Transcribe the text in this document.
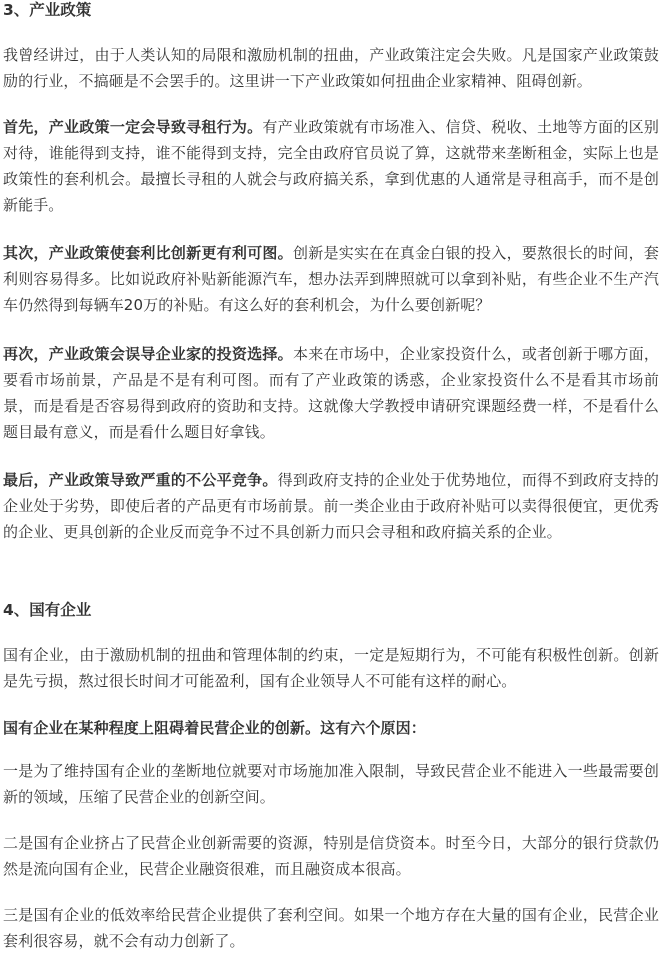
3、产业政策

我曾经讲过，由于人类认知的局限和激励机制的扭曲，产业政策注定会失败。凡是国家产业政策鼓励的行业，不搞砸是不会罢手的。这里讲一下产业政策如何扭曲企业家精神、阻碍创新。

首先，产业政策一定会导致寻租行为。有产业政策就有市场准入、信贷、税收、土地等方面的区别对待，谁能得到支持，谁不能得到支持，完全由政府官员说了算，这就带来垄断租金，实际上也是政策性的套利机会。最擅长寻租的人就会与政府搞关系，拿到优惠的人通常是寻租高手，而不是创新能手。

其次，产业政策使套利比创新更有利可图。创新是实实在在真金白银的投入，要熬很长的时间，套利则容易得多。比如说政府补贴新能源汽车，想办法弄到牌照就可以拿到补贴，有些企业不生产汽车仍然得到每辆车20万的补贴。有这么好的套利机会，为什么要创新呢？

再次，产业政策会误导企业家的投资选择。本来在市场中，企业家投资什么，或者创新于哪方面，要看市场前景，产品是不是有利可图。而有了产业政策的诱惑，企业家投资什么不是看其市场前景，而是看是否容易得到政府的资助和支持。这就像大学教授申请研究课题经费一样，不是看什么题目最有意义，而是看什么题目好拿钱。

最后，产业政策导致严重的不公平竞争。得到政府支持的企业处于优势地位，而得不到政府支持的企业处于劣势，即使后者的产品更有市场前景。前一类企业由于政府补贴可以卖得很便宜，更优秀的企业、更具创新的企业反而竞争不过不具创新力而只会寻租和政府搞关系的企业。

4、国有企业

国有企业，由于激励机制的扭曲和管理体制的约束，一定是短期行为，不可能有积极性创新。创新是先亏损，熬过很长时间才可能盈利，国有企业领导人不可能有这样的耐心。

国有企业在某种程度上阻碍着民营企业的创新。这有六个原因：

一是为了维持国有企业的垄断地位就要对市场施加准入限制，导致民营企业不能进入一些最需要创新的领域，压缩了民营企业的创新空间。

二是国有企业挤占了民营企业创新需要的资源，特别是信贷资本。时至今日，大部分的银行贷款仍然是流向国有企业，民营企业融资很难，而且融资成本很高。

三是国有企业的低效率给民营企业提供了套利空间。如果一个地方存在大量的国有企业，民营企业套利很容易，就不会有动力创新了。
